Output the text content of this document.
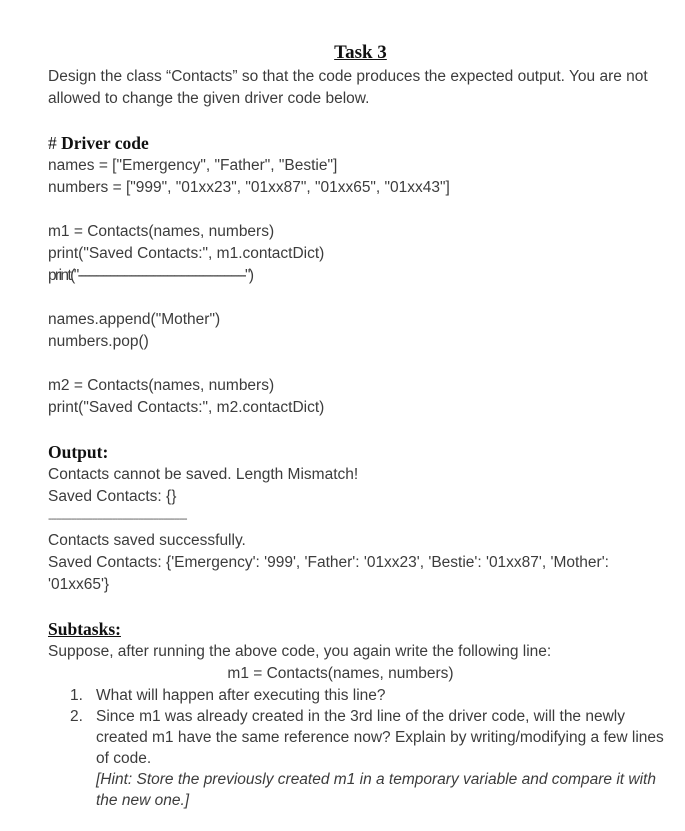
Task 3

Design the class “Contacts” so that the code produces the expected output. You are not allowed to change the given driver code below.

# Driver code
names = ["Emergency", "Father", "Bestie"]
numbers = ["999", "01xx23", "01xx87", "01xx65", "01xx43"]
m1 = Contacts(names, numbers)
print("Saved Contacts:", m1.contactDict)
print("-----------------------------------------------")
names.append("Mother")
numbers.pop()
m2 = Contacts(names, numbers)
print("Saved Contacts:", m2.contactDict)
Output:
Contacts cannot be saved. Length Mismatch!
Saved Contacts: {}
------------------------------------------------------
Contacts saved successfully.
Saved Contacts: {'Emergency': '999', 'Father': '01xx23', 'Bestie': '01xx87', 'Mother':
'01xx65'}
Subtasks:
Suppose, after running the above code, you again write the following line:
m1 = Contacts(names, numbers)
1. What will happen after executing this line?
2. Since m1 was already created in the 3rd line of the driver code, will the newly created m1 have the same reference now? Explain by writing/modifying a few lines of code.
[Hint: Store the previously created m1 in a temporary variable and compare it with the new one.]
